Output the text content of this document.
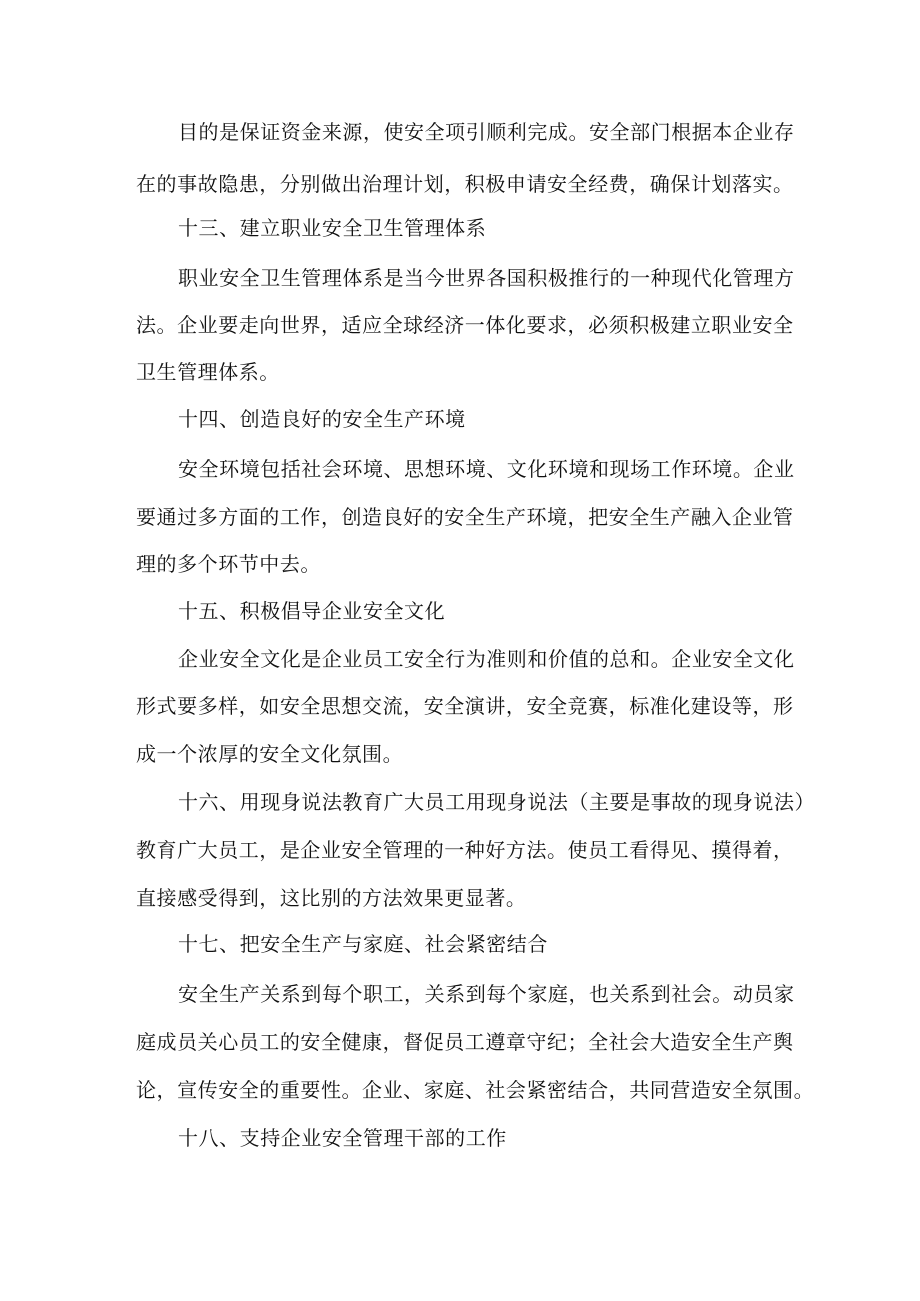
目的是保证资金来源，使安全项引顺利完成。安全部门根据本企业存
在的事故隐患，分别做出治理计划，积极申请安全经费，确保计划落实。
十三、建立职业安全卫生管理体系
职业安全卫生管理体系是当今世界各国积极推行的一种现代化管理方
法。企业要走向世界，适应全球经济一体化要求，必须积极建立职业安全
卫生管理体系。
十四、创造良好的安全生产环境
安全环境包括社会环境、思想环境、文化环境和现场工作环境。企业
要通过多方面的工作，创造良好的安全生产环境，把安全生产融入企业管
理的多个环节中去。
十五、积极倡导企业安全文化
企业安全文化是企业员工安全行为准则和价值的总和。企业安全文化
形式要多样，如安全思想交流，安全演讲，安全竞赛，标准化建设等，形
成一个浓厚的安全文化氛围。
十六、用现身说法教育广大员工用现身说法（主要是事故的现身说法）
教育广大员工，是企业安全管理的一种好方法。使员工看得见、摸得着，
直接感受得到，这比别的方法效果更显著。
十七、把安全生产与家庭、社会紧密结合
安全生产关系到每个职工，关系到每个家庭，也关系到社会。动员家
庭成员关心员工的安全健康，督促员工遵章守纪；全社会大造安全生产舆
论，宣传安全的重要性。企业、家庭、社会紧密结合，共同营造安全氛围。
十八、支持企业安全管理干部的工作
